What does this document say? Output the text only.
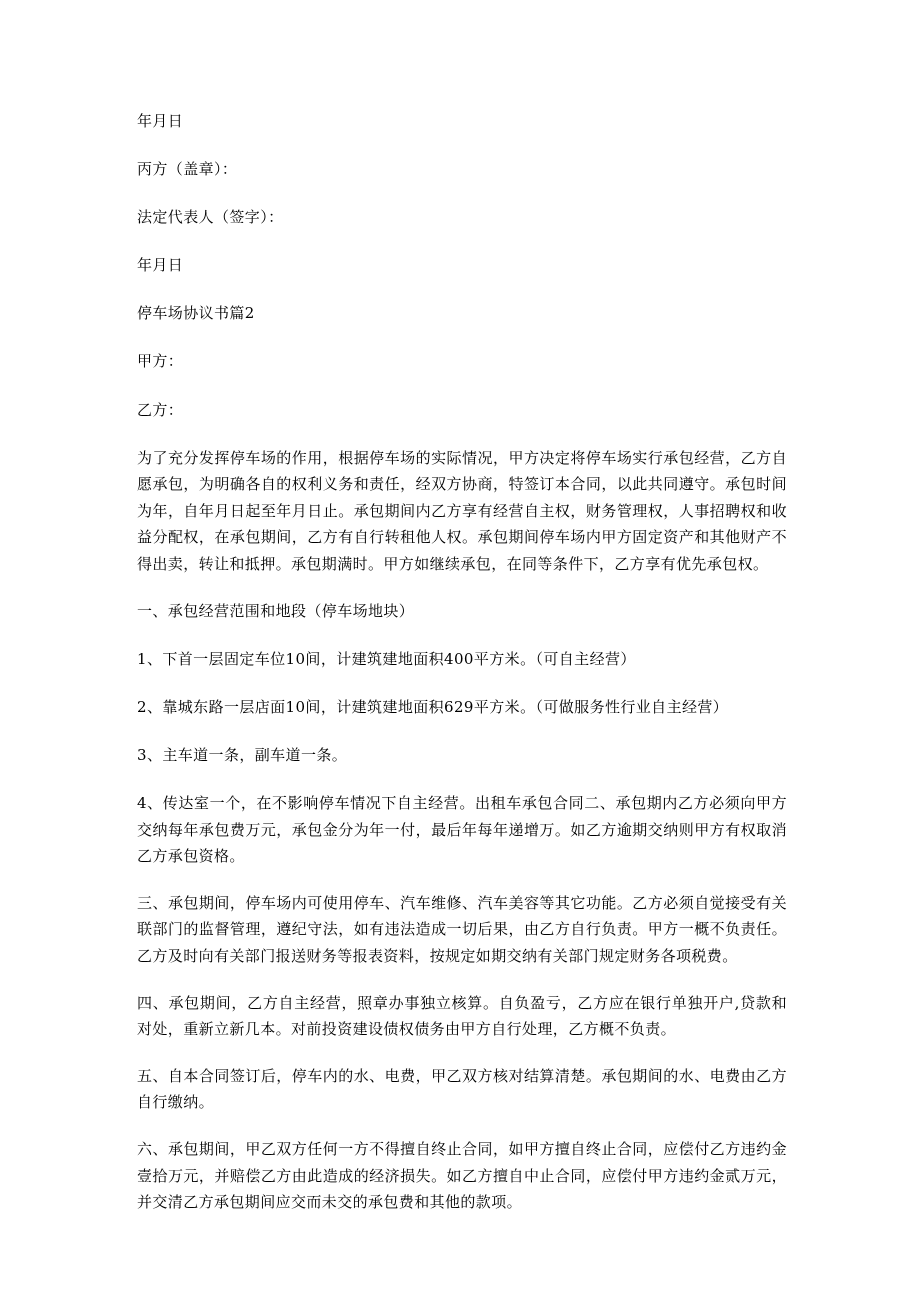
年月日

丙方（盖章）：

法定代表人（签字）：

年月日

停车场协议书篇2

甲方：

乙方：

为了充分发挥停车场的作用，根据停车场的实际情况，甲方决定将停车场实行承包经营，乙方自愿承包，为明确各自的权利义务和责任，经双方协商，特签订本合同，以此共同遵守。承包时间为年，自年月日起至年月日止。承包期间内乙方享有经营自主权，财务管理权，人事招聘权和收益分配权，在承包期间，乙方有自行转租他人权。承包期间停车场内甲方固定资产和其他财产不得出卖，转让和抵押。承包期满时。甲方如继续承包，在同等条件下，乙方享有优先承包权。

一、承包经营范围和地段（停车场地块）

1、下首一层固定车位10间，计建筑建地面积400平方米。（可自主经营）

2、靠城东路一层店面10间，计建筑建地面积629平方米。（可做服务性行业自主经营）

3、主车道一条，副车道一条。

4、传达室一个，在不影响停车情况下自主经营。出租车承包合同二、承包期内乙方必须向甲方交纳每年承包费万元，承包金分为年一付，最后年每年递增万。如乙方逾期交纳则甲方有权取消乙方承包资格。

三、承包期间，停车场内可使用停车、汽车维修、汽车美容等其它功能。乙方必须自觉接受有关联部门的监督管理，遵纪守法，如有违法造成一切后果，由乙方自行负责。甲方一概不负责任。乙方及时向有关部门报送财务等报表资料，按规定如期交纳有关部门规定财务各项税费。

四、承包期间，乙方自主经营，照章办事独立核算。自负盈亏，乙方应在银行单独开户,贷款和对处，重新立新几本。对前投资建设债权债务由甲方自行处理，乙方概不负责。

五、自本合同签订后，停车内的水、电费，甲乙双方核对结算清楚。承包期间的水、电费由乙方自行缴纳。

六、承包期间，甲乙双方任何一方不得擅自终止合同，如甲方擅自终止合同，应偿付乙方违约金壹拾万元，并赔偿乙方由此造成的经济损失。如乙方擅自中止合同，应偿付甲方违约金贰万元，并交清乙方承包期间应交而未交的承包费和其他的款项。
